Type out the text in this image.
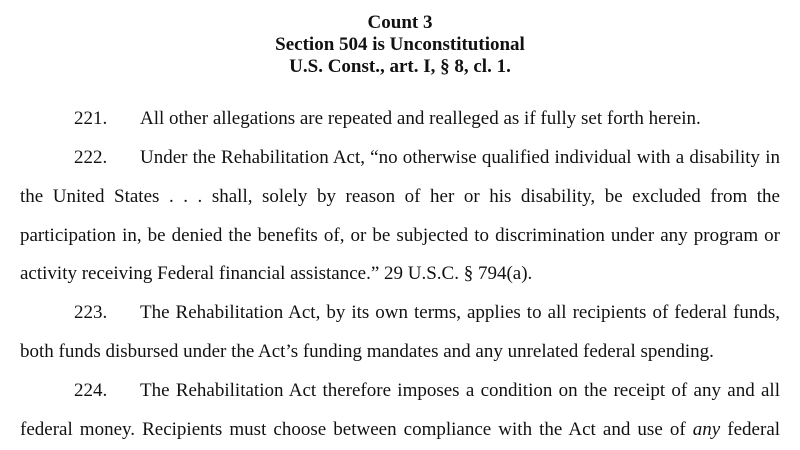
Count 3
Section 504 is Unconstitutional
U.S. Const., art. I, § 8, cl. 1.
221. All other allegations are repeated and realleged as if fully set forth herein.
222. Under the Rehabilitation Act, “no otherwise qualified individual with a disability in
the United States . . . shall, solely by reason of her or his disability, be excluded from the
participation in, be denied the benefits of, or be subjected to discrimination under any program or
activity receiving Federal financial assistance.” 29 U.S.C. § 794(a).
223. The Rehabilitation Act, by its own terms, applies to all recipients of federal funds,
both funds disbursed under the Act’s funding mandates and any unrelated federal spending.
224. The Rehabilitation Act therefore imposes a condition on the receipt of any and all
federal money. Recipients must choose between compliance with the Act and use of any federal
